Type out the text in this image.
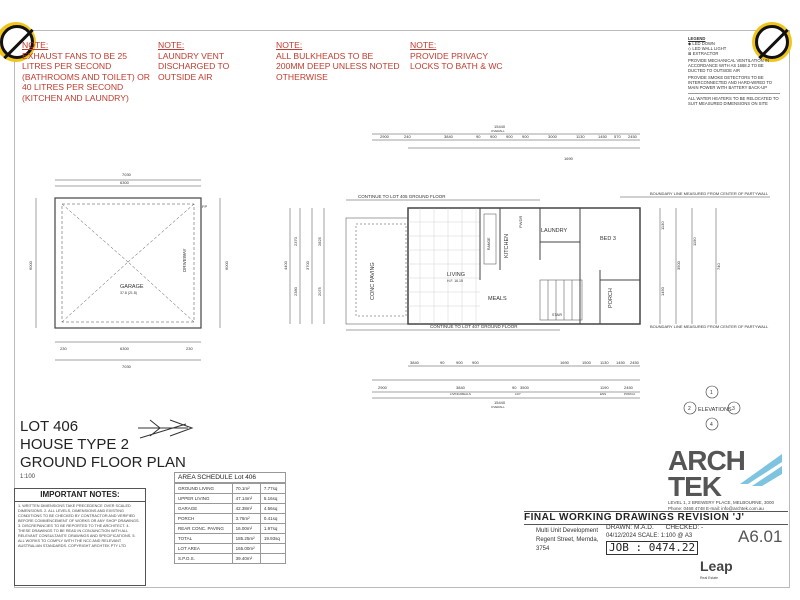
NOTE:
EXHAUST FANS TO BE 25 LITRES PER SECOND (BATHROOMS AND TOILET) OR 40 LITRES PER SECOND (KITCHEN AND LAUNDRY)
NOTE:
LAUNDRY VENT DISCHARGED TO OUTSIDE AIR
NOTE:
ALL BULKHEADS TO BE 200MM DEEP UNLESS NOTED OTHERWISE
NOTE:
PROVIDE PRIVACY LOCKS TO BATH & WC
LEGEND
◆ LED DOWN
◇ LED WALL LIGHT
⊠ EXTRACTOR
PROVIDE MECHANICAL VENTILATION IN ACCORDANCE WITH AS 1668.2 TO BE DUCTED TO OUTSIDE AIR
PROVIDE SMOKE DETECTORS TO BE INTERCONNECTED AND HARD-WIRED TO MAIN POWER WITH BATTERY BACK-UP
ALL WATER HEATERS TO BE RELOCATED TO SUIT MEASURED DIMENSIONS ON SITE
GARAGE
37.8 (21.8)
DRIVEWAY
CONC PAVING	LIVING
H.F. 16.15
MEALS
KITCHEN
LAUNDRY
PWDR
BED 3
PORCH
RANGE
STAIR
CONTINUE TO LOT 405 GROUND FLOOR
CONTINUE TO LOT 407 GROUND FLOOR
BOUNDARY LINE MEASURED FROM CENTER OF PARTYWALL
BOUNDARY LINE MEASURED FROM CENTER OF PARTYWALL
15440
OVERALL
2900	240	3840	90 900 900 900	3000
1690
1130	1450 570 2450
3840	90	900 900	1690	1500 1130 1450 2450
2900	3840	90 3500	1190	2450
LIVING/MEALS	LDY	ENS	PORCH
15440
OVERALL
7030
6300
6300
7030
230	230
6000	6000	4400
2370
2380
3700
2825
2075
1130
1450
3500
1190
740
1
2	3
4
ELEVATIONS
LOT 406
HOUSE TYPE 2
GROUND FLOOR PLAN
1:100
IMPORTANT NOTES:
1. WRITTEN DIMENSIONS TAKE PRECEDENCE OVER SCALED DIMENSIONS. 2. ALL LEVELS, DIMENSIONS AND EXISTING CONDITIONS TO BE CHECKED BY CONTRACTOR AND VERIFIED BEFORE COMMENCEMENT OF WORKS OR ANY SHOP DRAWINGS. 3. DISCREPANCIES TO BE REPORTED TO THE ARCHITECT. 4. THESE DRAWINGS TO BE READ IN CONJUNCTION WITH ALL RELEVANT CONSULTANTS' DRAWINGS AND SPECIFICATIONS. 5. ALL WORKS TO COMPLY WITH THE NCC AND RELEVANT AUSTRALIAN STANDARDS. COPYRIGHT ARCHTEK PTY LTD
AREA SCHEDULE Lot 406
GROUND LIVING	70.1m²	7.77sq
UPPER LIVING	47.14m²	5.16sq
GARAGE	42.38m²	4.56sq
PORCH	3.76m²	0.41sq
REAR CONC. PAVING	16.00m²	1.97sq
TOTAL	185.25m²	19.93sq
LOT AREA	165.00m²	
S.P.O.S.	39.40m²	
ARCH
TEK
LEVEL 1, 2 BREWERY PLACE, MELBOURNE, 3000
Phone: 0468 4748 E-mail: info@archtek.com.au
FINAL WORKING DRAWINGS REVISION 'J'
Multi Unit Development
Regent Street, Mernda,
3754
DRAWN: M.A.D. CHECKED: -
04/12/2024 SCALE: 1:100 @ A3
JOB : 0474.22
A6.01
Leap
Real Estate
FP
